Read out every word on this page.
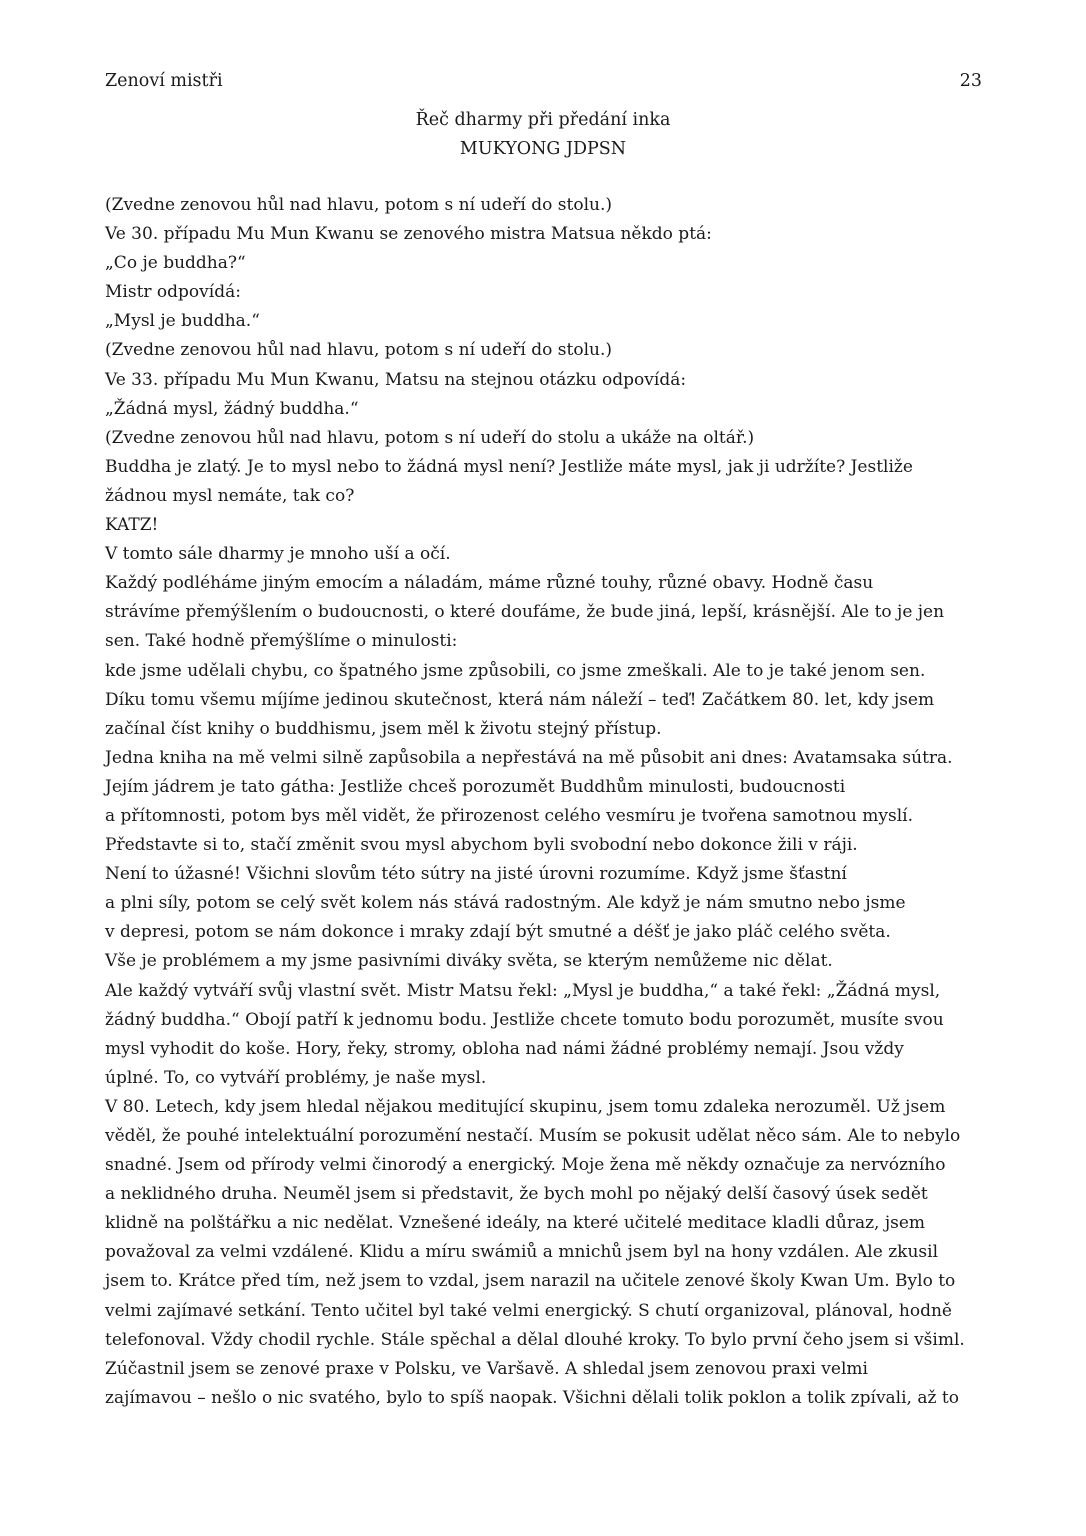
Zenoví mistři	23
Řeč dharmy při předání inka
MUKYONG JDPSN
(Zvedne zenovou hůl nad hlavu, potom s ní udeří do stolu.)
Ve 30. případu Mu Mun Kwanu se zenového mistra Matsua někdo ptá:
„Co je buddha?“
Mistr odpovídá:
„Mysl je buddha.“
(Zvedne zenovou hůl nad hlavu, potom s ní udeří do stolu.)
Ve 33. případu Mu Mun Kwanu, Matsu na stejnou otázku odpovídá:
„Žádná mysl, žádný buddha.“
(Zvedne zenovou hůl nad hlavu, potom s ní udeří do stolu a ukáže na oltář.)
Buddha je zlatý. Je to mysl nebo to žádná mysl není? Jestliže máte mysl, jak ji udržíte? Jestliže
žádnou mysl nemáte, tak co?
KATZ!
V tomto sále dharmy je mnoho uší a očí.
Každý podléháme jiným emocím a náladám, máme různé touhy, různé obavy. Hodně času
strávíme přemýšlením o budoucnosti, o které doufáme, že bude jiná, lepší, krásnější. Ale to je jen
sen. Také hodně přemýšlíme o minulosti:
kde jsme udělali chybu, co špatného jsme způsobili, co jsme zmeškali. Ale to je také jenom sen.
Díku tomu všemu míjíme jedinou skutečnost, která nám náleží – teď! Začátkem 80. let, kdy jsem
začínal číst knihy o buddhismu, jsem měl k životu stejný přístup.
Jedna kniha na mě velmi silně zapůsobila a nepřestává na mě působit ani dnes: Avatamsaka sútra.
Jejím jádrem je tato gátha: Jestliže chceš porozumět Buddhům minulosti, budoucnosti
a přítomnosti, potom bys měl vidět, že přirozenost celého vesmíru je tvořena samotnou myslí.
Představte si to, stačí změnit svou mysl abychom byli svobodní nebo dokonce žili v ráji.
Není to úžasné! Všichni slovům této sútry na jisté úrovni rozumíme. Když jsme šťastní
a plni síly, potom se celý svět kolem nás stává radostným. Ale když je nám smutno nebo jsme
v depresi, potom se nám dokonce i mraky zdají být smutné a déšť je jako pláč celého světa.
Vše je problémem a my jsme pasivními diváky světa, se kterým nemůžeme nic dělat.
Ale každý vytváří svůj vlastní svět. Mistr Matsu řekl: „Mysl je buddha,“ a také řekl: „Žádná mysl,
žádný buddha.“ Obojí patří k jednomu bodu. Jestliže chcete tomuto bodu porozumět, musíte svou
mysl vyhodit do koše. Hory, řeky, stromy, obloha nad námi žádné problémy nemají. Jsou vždy
úplné. To, co vytváří problémy, je naše mysl.
V 80. Letech, kdy jsem hledal nějakou meditující skupinu, jsem tomu zdaleka nerozuměl. Už jsem
věděl, že pouhé intelektuální porozumění nestačí. Musím se pokusit udělat něco sám. Ale to nebylo
snadné. Jsem od přírody velmi činorodý a energický. Moje žena mě někdy označuje za nervózního
a neklidného druha. Neuměl jsem si představit, že bych mohl po nějaký delší časový úsek sedět
klidně na polštářku a nic nedělat. Vznešené ideály, na které učitelé meditace kladli důraz, jsem
považoval za velmi vzdálené. Klidu a míru swámiů a mnichů jsem byl na hony vzdálen. Ale zkusil
jsem to. Krátce před tím, než jsem to vzdal, jsem narazil na učitele zenové školy Kwan Um. Bylo to
velmi zajímavé setkání. Tento učitel byl také velmi energický. S chutí organizoval, plánoval, hodně
telefonoval. Vždy chodil rychle. Stále spěchal a dělal dlouhé kroky. To bylo první čeho jsem si všiml.
Zúčastnil jsem se zenové praxe v Polsku, ve Varšavě. A shledal jsem zenovou praxi velmi
zajímavou – nešlo o nic svatého, bylo to spíš naopak. Všichni dělali tolik poklon a tolik zpívali, až to
